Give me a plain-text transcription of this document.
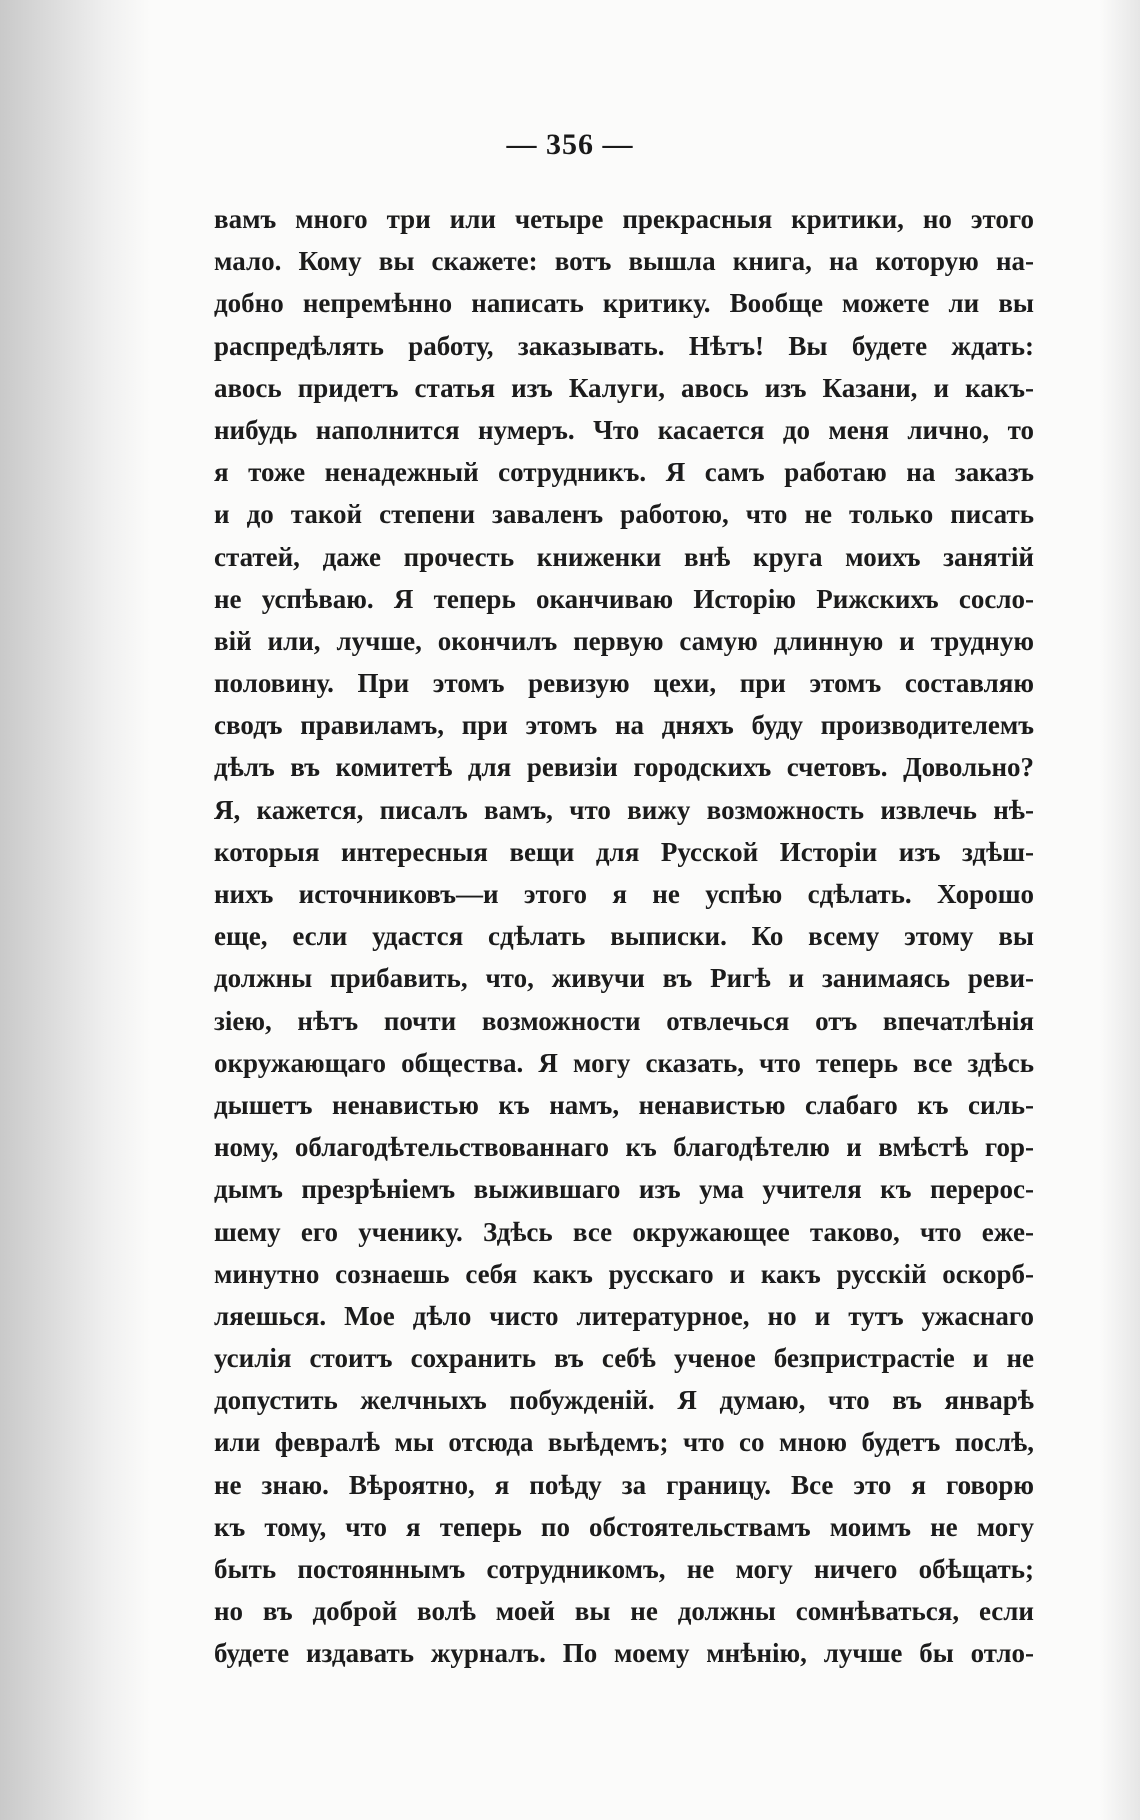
— 356 —
вамъ много три или четыре прекрасныя критики, но этого
мало. Кому вы скажете: вотъ вышла книга, на которую на-
добно непремѣнно написать критику. Вообще можете ли вы
распредѣлять работу, заказывать. Нѣтъ! Вы будете ждать:
авось придетъ статья изъ Калуги, авось изъ Казани, и какъ-
нибудь наполнится нумеръ. Что касается до меня лично, то
я тоже ненадежный сотрудникъ. Я самъ работаю на заказъ
и до такой степени заваленъ работою, что не только писать
статей, даже прочесть книженки внѣ круга моихъ занятій
не успѣваю. Я теперь оканчиваю Исторію Рижскихъ сосло-
вій или, лучше, окончилъ первую самую длинную и трудную
половину. При этомъ ревизую цехи, при этомъ составляю
сводъ правиламъ, при этомъ на дняхъ буду производителемъ
дѣлъ въ комитетѣ для ревизіи городскихъ счетовъ. Довольно?
Я, кажется, писалъ вамъ, что вижу возможность извлечь нѣ-
которыя интересныя вещи для Русской Исторіи изъ здѣш-
нихъ источниковъ—и этого я не успѣю сдѣлать. Хорошо
еще, если удастся сдѣлать выписки. Ко всему этому вы
должны прибавить, что, живучи въ Ригѣ и занимаясь реви-
зіею, нѣтъ почти возможности отвлечься отъ впечатлѣнія
окружающаго общества. Я могу сказать, что теперь все здѣсь
дышетъ ненавистью къ намъ, ненавистью слабаго къ силь-
ному, облагодѣтельствованнаго къ благодѣтелю и вмѣстѣ гор-
дымъ презрѣніемъ выжившаго изъ ума учителя къ перерос-
шему его ученику. Здѣсь все окружающее таково, что еже-
минутно сознаешь себя какъ русскаго и какъ русскій оскорб-
ляешься. Мое дѣло чисто литературное, но и тутъ ужаснаго
усилія стоитъ сохранить въ себѣ ученое безпристрастіе и не
допустить желчныхъ побужденій. Я думаю, что въ январѣ
или февралѣ мы отсюда выѣдемъ; что со мною будетъ послѣ,
не знаю. Вѣроятно, я поѣду за границу. Все это я говорю
къ тому, что я теперь по обстоятельствамъ моимъ не могу
быть постояннымъ сотрудникомъ, не могу ничего обѣщать;
но въ доброй волѣ моей вы не должны сомнѣваться, если
будете издавать журналъ. По моему мнѣнію, лучше бы отло-
